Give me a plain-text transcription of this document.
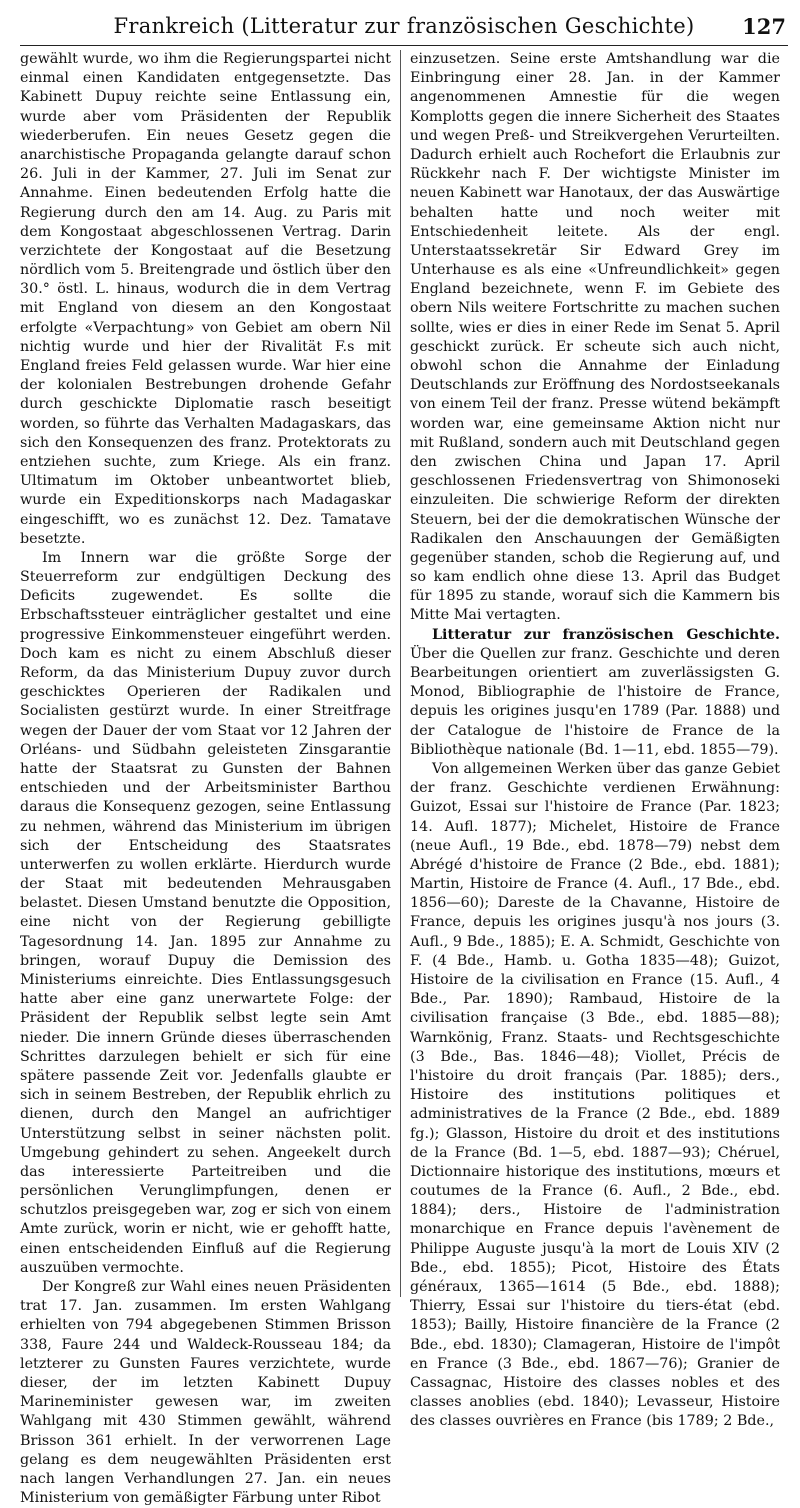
Frankreich (Litteratur zur französischen Geschichte)	127

gewählt wurde, wo ihm die Regierungspartei nicht einmal einen Kandidaten entgegensetzte. Das Kabinett Dupuy reichte seine Entlassung ein, wurde aber vom Präsidenten der Republik wiederberufen. Ein neues Gesetz gegen die anarchistische Propaganda gelangte darauf schon 26. Juli in der Kammer, 27. Juli im Senat zur Annahme. Einen bedeutenden Erfolg hatte die Regierung durch den am 14. Aug. zu Paris mit dem Kongostaat abgeschlossenen Vertrag. Darin verzichtete der Kongostaat auf die Besetzung nördlich vom 5. Breitengrade und östlich über den 30.° östl. L. hinaus, wodurch die in dem Vertrag mit England von diesem an den Kongostaat erfolgte «Verpachtung» von Gebiet am obern Nil nichtig wurde und hier der Rivalität F.s mit England freies Feld gelassen wurde. War hier eine der kolonialen Bestrebungen drohende Gefahr durch geschickte Diplomatie rasch beseitigt worden, so führte das Verhalten Madagaskars, das sich den Konsequenzen des franz. Protektorats zu entziehen suchte, zum Kriege. Als ein franz. Ultimatum im Oktober unbeantwortet blieb, wurde ein Expeditionskorps nach Madagaskar eingeschifft, wo es zunächst 12. Dez. Tamatave besetzte.

Im Innern war die größte Sorge der Steuerreform zur endgültigen Deckung des Deficits zugewendet. Es sollte die Erbschaftssteuer einträglicher gestaltet und eine progressive Einkommensteuer eingeführt werden. Doch kam es nicht zu einem Abschluß dieser Reform, da das Ministerium Dupuy zuvor durch geschicktes Operieren der Radikalen und Socialisten gestürzt wurde. In einer Streitfrage wegen der Dauer der vom Staat vor 12 Jahren der Orléans- und Südbahn geleisteten Zinsgarantie hatte der Staatsrat zu Gunsten der Bahnen entschieden und der Arbeitsminister Barthou daraus die Konsequenz gezogen, seine Entlassung zu nehmen, während das Ministerium im übrigen sich der Entscheidung des Staatsrates unterwerfen zu wollen erklärte. Hierdurch wurde der Staat mit bedeutenden Mehrausgaben belastet. Diesen Umstand benutzte die Opposition, eine nicht von der Regierung gebilligte Tagesordnung 14. Jan. 1895 zur Annahme zu bringen, worauf Dupuy die Demission des Ministeriums einreichte. Dies Entlassungsgesuch hatte aber eine ganz unerwartete Folge: der Präsident der Republik selbst legte sein Amt nieder. Die innern Gründe dieses überraschenden Schrittes darzulegen behielt er sich für eine spätere passende Zeit vor. Jedenfalls glaubte er sich in seinem Bestreben, der Republik ehrlich zu dienen, durch den Mangel an aufrichtiger Unterstützung selbst in seiner nächsten polit. Umgebung gehindert zu sehen. Angeekelt durch das interessierte Parteitreiben und die persönlichen Verunglimpfungen, denen er schutzlos preisgegeben war, zog er sich von einem Amte zurück, worin er nicht, wie er gehofft hatte, einen entscheidenden Einfluß auf die Regierung auszuüben vermochte.

Der Kongreß zur Wahl eines neuen Präsidenten trat 17. Jan. zusammen. Im ersten Wahlgang erhielten von 794 abgegebenen Stimmen Brisson 338, Faure 244 und Waldeck-Rousseau 184; da letzterer zu Gunsten Faures verzichtete, wurde dieser, der im letzten Kabinett Dupuy Marineminister gewesen war, im zweiten Wahlgang mit 430 Stimmen gewählt, während Brisson 361 erhielt. In der verworrenen Lage gelang es dem neugewählten Präsidenten erst nach langen Verhandlungen 27. Jan. ein neues Ministerium von gemäßigter Färbung unter Ribot

einzusetzen. Seine erste Amtshandlung war die Einbringung einer 28. Jan. in der Kammer angenommenen Amnestie für die wegen Komplotts gegen die innere Sicherheit des Staates und wegen Preß- und Streikvergehen Verurteilten. Dadurch erhielt auch Rochefort die Erlaubnis zur Rückkehr nach F. Der wichtigste Minister im neuen Kabinett war Hanotaux, der das Auswärtige behalten hatte und noch weiter mit Entschiedenheit leitete. Als der engl. Unterstaatssekretär Sir Edward Grey im Unterhause es als eine «Unfreundlichkeit» gegen England bezeichnete, wenn F. im Gebiete des obern Nils weitere Fortschritte zu machen suchen sollte, wies er dies in einer Rede im Senat 5. April geschickt zurück. Er scheute sich auch nicht, obwohl schon die Annahme der Einladung Deutschlands zur Eröffnung des Nordostseekanals von einem Teil der franz. Presse wütend bekämpft worden war, eine gemeinsame Aktion nicht nur mit Rußland, sondern auch mit Deutschland gegen den zwischen China und Japan 17. April geschlossenen Friedensvertrag von Shimonoseki einzuleiten. Die schwierige Reform der direkten Steuern, bei der die demokratischen Wünsche der Radikalen den Anschauungen der Gemäßigten gegenüber standen, schob die Regierung auf, und so kam endlich ohne diese 13. April das Budget für 1895 zu stande, worauf sich die Kammern bis Mitte Mai vertagten.

Litteratur zur französischen Geschichte. Über die Quellen zur franz. Geschichte und deren Bearbeitungen orientiert am zuverlässigsten G. Monod, Bibliographie de l'histoire de France, depuis les origines jusqu'en 1789 (Par. 1888) und der Catalogue de l'histoire de France de la Bibliothèque nationale (Bd. 1—11, ebd. 1855—79).

Von allgemeinen Werken über das ganze Gebiet der franz. Geschichte verdienen Erwähnung: Guizot, Essai sur l'histoire de France (Par. 1823; 14. Aufl. 1877); Michelet, Histoire de France (neue Aufl., 19 Bde., ebd. 1878—79) nebst dem Abrégé d'histoire de France (2 Bde., ebd. 1881); Martin, Histoire de France (4. Aufl., 17 Bde., ebd. 1856—60); Dareste de la Chavanne, Histoire de France, depuis les origines jusqu'à nos jours (3. Aufl., 9 Bde., 1885); E. A. Schmidt, Geschichte von F. (4 Bde., Hamb. u. Gotha 1835—48); Guizot, Histoire de la civilisation en France (15. Aufl., 4 Bde., Par. 1890); Rambaud, Histoire de la civilisation française (3 Bde., ebd. 1885—88); Warnkönig, Franz. Staats- und Rechtsgeschichte (3 Bde., Bas. 1846—48); Viollet, Précis de l'histoire du droit français (Par. 1885); ders., Histoire des institutions politiques et administratives de la France (2 Bde., ebd. 1889 fg.); Glasson, Histoire du droit et des institutions de la France (Bd. 1—5, ebd. 1887—93); Chéruel, Dictionnaire historique des institutions, mœurs et coutumes de la France (6. Aufl., 2 Bde., ebd. 1884); ders., Histoire de l'administration monarchique en France depuis l'avènement de Philippe Auguste jusqu'à la mort de Louis XIV (2 Bde., ebd. 1855); Picot, Histoire des États généraux, 1365—1614 (5 Bde., ebd. 1888); Thierry, Essai sur l'histoire du tiers-état (ebd. 1853); Bailly, Histoire financière de la France (2 Bde., ebd. 1830); Clamageran, Histoire de l'impôt en France (3 Bde., ebd. 1867—76); Granier de Cassagnac, Histoire des classes nobles et des classes anoblies (ebd. 1840); Levasseur, Histoire des classes ouvrières en France (bis 1789; 2 Bde.,
